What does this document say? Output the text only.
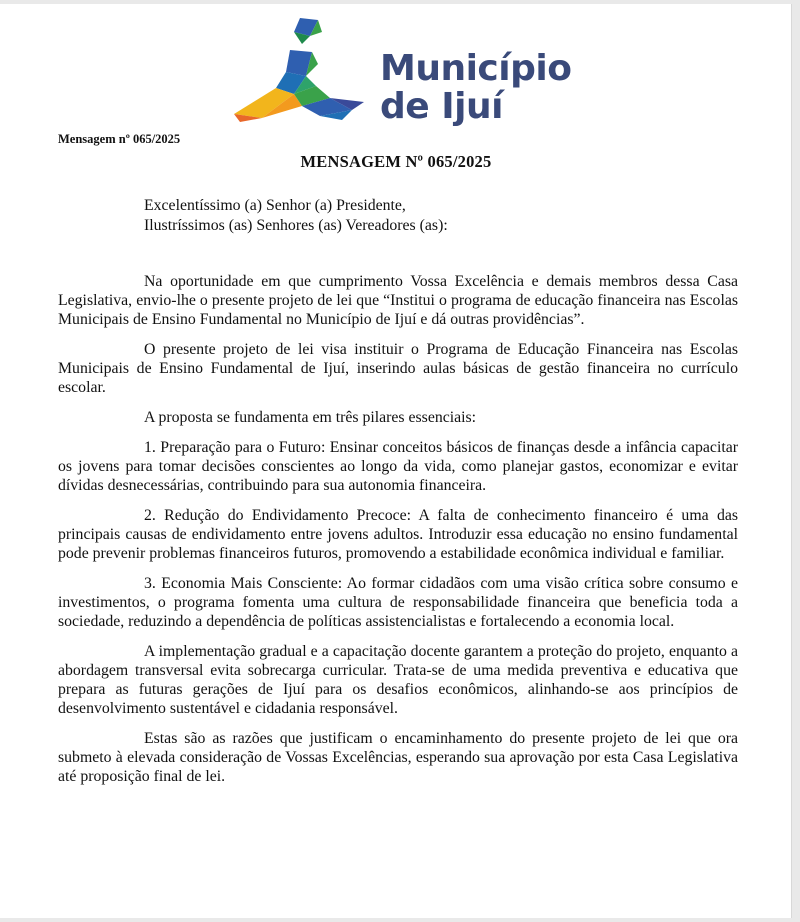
Município
de Ijuí
Mensagem nº 065/2025
MENSAGEM Nº 065/2025
Excelentíssimo (a) Senhor (a) Presidente,
Ilustríssimos (as) Senhores (as) Vereadores (as):

Na oportunidade em que cumprimento Vossa Excelência e demais membros dessa Casa Legislativa, envio-lhe o presente projeto de lei que “Institui o programa de educação financeira nas Escolas Municipais de Ensino Fundamental no Município de Ijuí e dá outras providências”.

O presente projeto de lei visa instituir o Programa de Educação Financeira nas Escolas Municipais de Ensino Fundamental de Ijuí, inserindo aulas básicas de gestão financeira no currículo escolar.

A proposta se fundamenta em três pilares essenciais:

1. Preparação para o Futuro: Ensinar conceitos básicos de finanças desde a infância capacitar os jovens para tomar decisões conscientes ao longo da vida, como planejar gastos, economizar e evitar dívidas desnecessárias, contribuindo para sua autonomia financeira.

2. Redução do Endividamento Precoce: A falta de conhecimento financeiro é uma das principais causas de endividamento entre jovens adultos. Introduzir essa educação no ensino fundamental pode prevenir problemas financeiros futuros, promovendo a estabilidade econômica individual e familiar.

3. Economia Mais Consciente: Ao formar cidadãos com uma visão crítica sobre consumo e investimentos, o programa fomenta uma cultura de responsabilidade financeira que beneficia toda a sociedade, reduzindo a dependência de políticas assistencialistas e fortalecendo a economia local.

A implementação gradual e a capacitação docente garantem a proteção do projeto, enquanto a abordagem transversal evita sobrecarga curricular. Trata-se de uma medida preventiva e educativa que prepara as futuras gerações de Ijuí para os desafios econômicos, alinhando-se aos princípios de desenvolvimento sustentável e cidadania responsável.

Estas são as razões que justificam o encaminhamento do presente projeto de lei que ora submeto à elevada consideração de Vossas Excelências, esperando sua aprovação por esta Casa Legislativa até proposição final de lei.
